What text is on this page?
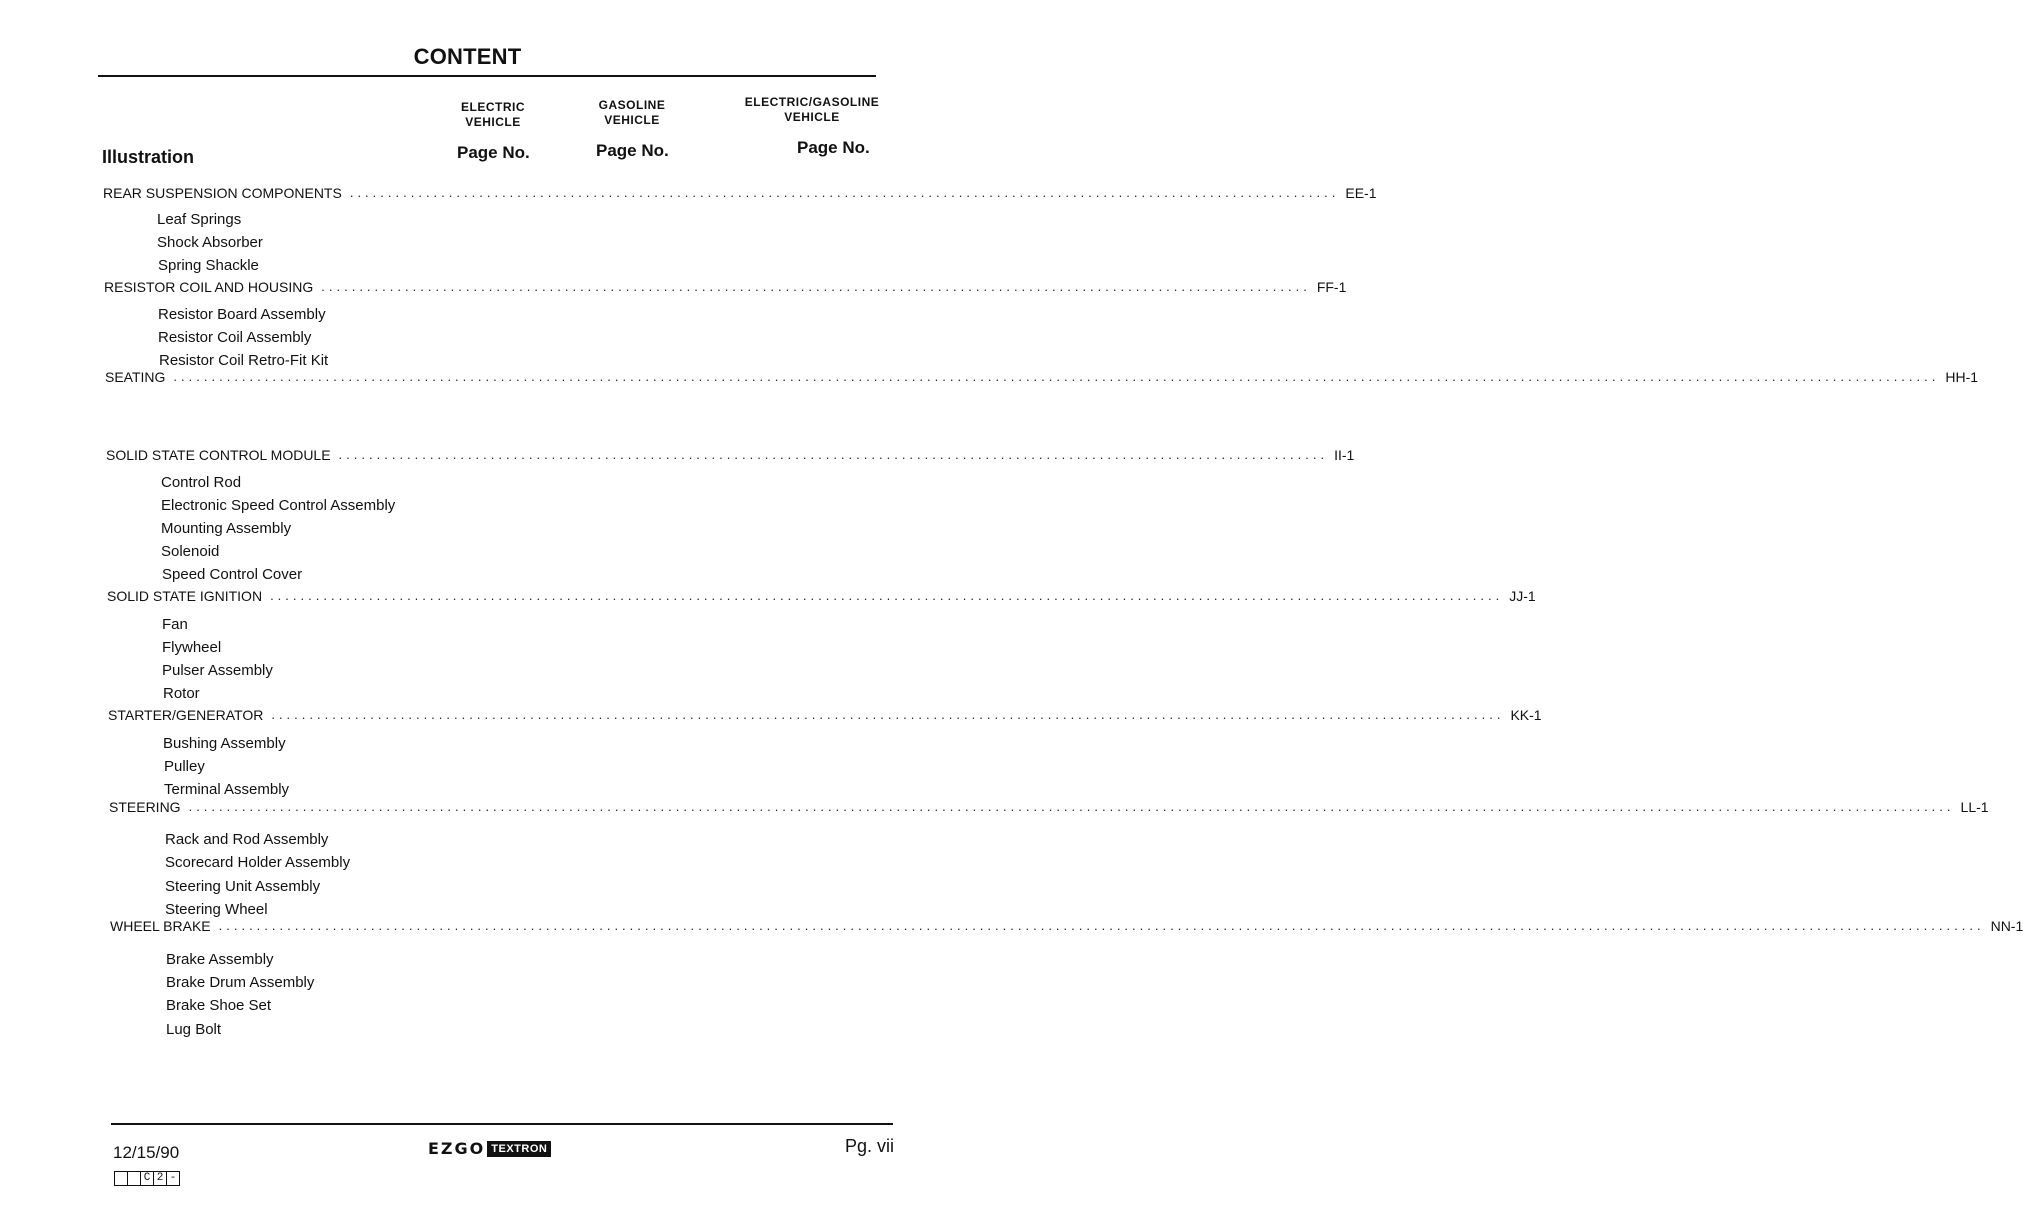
CONTENT
ELECTRIC
VEHICLE
GASOLINE
VEHICLE
ELECTRIC/GASOLINE
VEHICLE
Illustration	Page No.	Page No.	Page No.
REAR SUSPENSION COMPONENTS .................................................................................................................................. EE-1
Leaf Springs
Shock Absorber
Spring Shackle
RESISTOR COIL AND HOUSING .................................................................................................................................. FF-1
Resistor Board Assembly
Resistor Coil Assembly
Resistor Coil Retro-Fit Kit
SEATING ........................................................................................................................................................................................................................................ HH-1
SOLID STATE CONTROL MODULE .................................................................................................................................. II-1
Control Rod
Electronic Speed Control Assembly
Mounting Assembly
Solenoid
Speed Control Cover
SOLID STATE IGNITION .................................................................................................................................................................. JJ-1
Fan
Flywheel
Pulser Assembly
Rotor
STARTER/GENERATOR .................................................................................................................................................................. KK-1
Bushing Assembly
Pulley
Terminal Assembly
STEERING ........................................................................................................................................................................................................................................ LL-1
Rack and Rod Assembly
Scorecard Holder Assembly
Steering Unit Assembly
Steering Wheel
WHEEL BRAKE ........................................................................................................................................................................................................................................ NN-1
Brake Assembly
Brake Drum Assembly
Brake Shoe Set
Lug Bolt
12/15/90	EZGO TEXTRON	Pg. vii
C 2 -
